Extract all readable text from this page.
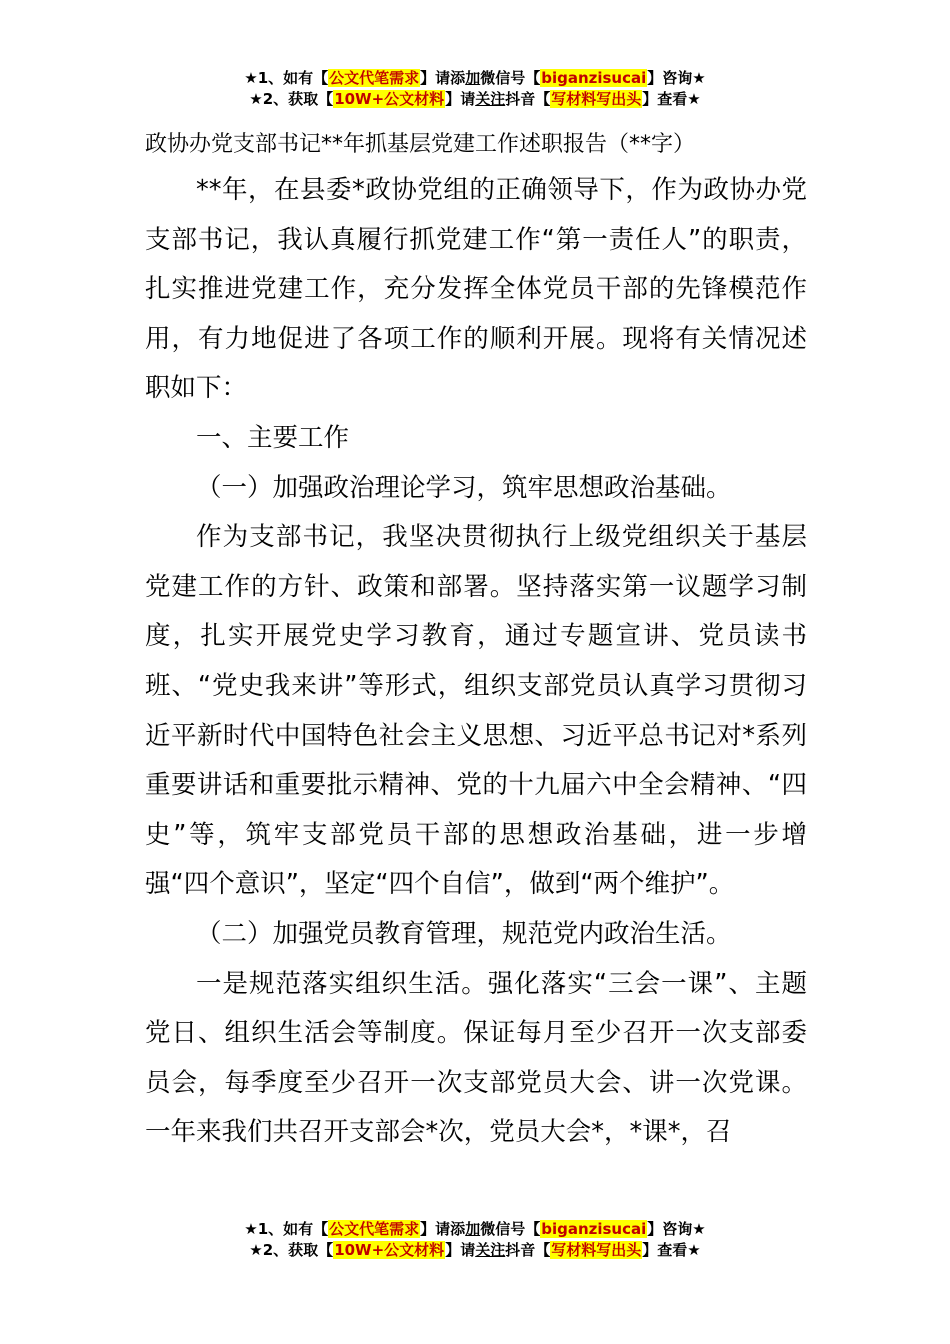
★1、如有【公文代笔需求】请添加微信号【biganzisucai】咨询★
★2、获取【10W+公文材料】请关注抖音【写材料写出头】查看★
政协办党支部书记**年抓基层党建工作述职报告（**字）

**年，在县委*政协党组的正确领导下，作为政协办党支部书记，我认真履行抓党建工作“第一责任人”的职责，扎实推进党建工作，充分发挥全体党员干部的先锋模范作用，有力地促进了各项工作的顺利开展。现将有关情况述职如下：

一、主要工作

（一）加强政治理论学习，筑牢思想政治基础。

作为支部书记，我坚决贯彻执行上级党组织关于基层党建工作的方针、政策和部署。坚持落实第一议题学习制度，扎实开展党史学习教育，通过专题宣讲、党员读书班、“党史我来讲”等形式，组织支部党员认真学习贯彻习近平新时代中国特色社会主义思想、习近平总书记对*系列重要讲话和重要批示精神、党的十九届六中全会精神、“四史”等，筑牢支部党员干部的思想政治基础，进一步增强“四个意识”，坚定“四个自信”，做到“两个维护”。

（二）加强党员教育管理，规范党内政治生活。

一是规范落实组织生活。强化落实“三会一课”、主题党日、组织生活会等制度。保证每月至少召开一次支部委员会，每季度至少召开一次支部党员大会、讲一次党课。一年来我们共召开支部会*次，党员大会*，*课*，召

★1、如有【公文代笔需求】请添加微信号【biganzisucai】咨询★
★2、获取【10W+公文材料】请关注抖音【写材料写出头】查看★
